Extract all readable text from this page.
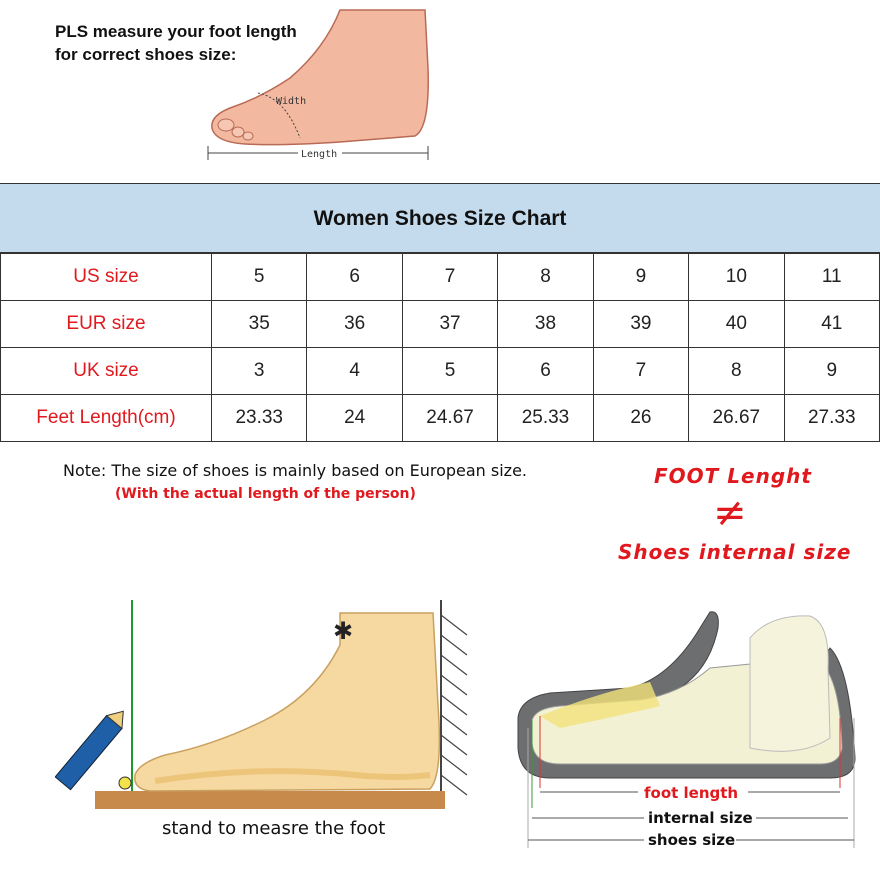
PLS measure your foot length
for correct shoes size:
Width
Length
Women Shoes Size Chart
US size	5	6	7	8	9	10	11
EUR size	35	36	37	38	39	40	41
UK size	3	4	5	6	7	8	9
Feet Length(cm)	23.33	24	24.67	25.33	26	26.67	27.33
Note: The size of shoes is mainly based on European size.
(With the actual length of the person)
FOOT Lenght
≠
Shoes internal size
✱
stand to measre the foot
foot length
internal size
shoes size
